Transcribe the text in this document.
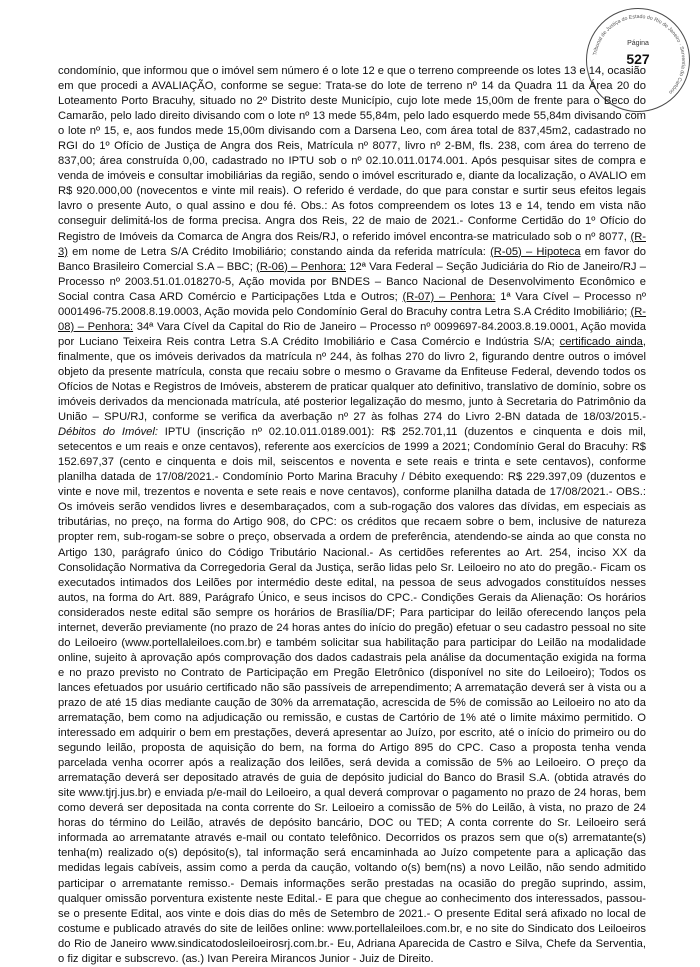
Tribunal de Justiça do Estado do Rio de Janeiro · Serventia do Cartório
Página
527
condomínio, que informou que o imóvel sem número é o lote 12 e que o terreno compreende os lotes 13 e 14, ocasião em que procedi a AVALIAÇÃO, conforme se segue: Trata-se do lote de terreno nº 14 da Quadra 11 da Área 20 do Loteamento Porto Bracuhy, situado no 2º Distrito deste Município, cujo lote mede 15,00m de frente para o Beco do Camarão, pelo lado direito divisando com o lote nº 13 mede 55,84m, pelo lado esquerdo mede 55,84m divisando com o lote nº 15, e, aos fundos mede 15,00m divisando com a Darsena Leo, com área total de 837,45m2, cadastrado no RGI do 1º Ofício de Justiça de Angra dos Reis, Matrícula nº 8077, livro nº 2-BM, fls. 238, com área do terreno de 837,00; área construída 0,00, cadastrado no IPTU sob o nº 02.10.011.0174.001. Após pesquisar sites de compra e venda de imóveis e consultar imobiliárias da região, sendo o imóvel escriturado e, diante da localização, o AVALIO em R$ 920.000,00 (novecentos e vinte mil reais). O referido é verdade, do que para constar e surtir seus efeitos legais lavro o presente Auto, o qual assino e dou fé. Obs.: As fotos compreendem os lotes 13 e 14, tendo em vista não conseguir delimitá-los de forma precisa. Angra dos Reis, 22 de maio de 2021.- Conforme Certidão do 1º Ofício do Registro de Imóveis da Comarca de Angra dos Reis/RJ, o referido imóvel encontra-se matriculado sob o nº 8077, (R-3) em nome de Letra S/A Crédito Imobiliário; constando ainda da referida matrícula: (R-05) – Hipoteca em favor do Banco Brasileiro Comercial S.A – BBC; (R-06) – Penhora: 12ª Vara Federal – Seção Judiciária do Rio de Janeiro/RJ – Processo nº 2003.51.01.018270-5, Ação movida por BNDES – Banco Nacional de Desenvolvimento Econômico e Social contra Casa ARD Comércio e Participações Ltda e Outros; (R-07) – Penhora: 1ª Vara Cível – Processo nº 0001496-75.2008.8.19.0003, Ação movida pelo Condomínio Geral do Bracuhy contra Letra S.A Crédito Imobiliário; (R-08) – Penhora: 34ª Vara Cível da Capital do Rio de Janeiro – Processo nº 0099697-84.2003.8.19.0001, Ação movida por Luciano Teixeira Reis contra Letra S.A Crédito Imobiliário e Casa Comércio e Indústria S/A; certificado ainda, finalmente, que os imóveis derivados da matrícula nº 244, às folhas 270 do livro 2, figurando dentre outros o imóvel objeto da presente matrícula, consta que recaiu sobre o mesmo o Gravame da Enfiteuse Federal, devendo todos os Ofícios de Notas e Registros de Imóveis, absterem de praticar qualquer ato definitivo, translativo de domínio, sobre os imóveis derivados da mencionada matrícula, até posterior legalização do mesmo, junto à Secretaria do Patrimônio da União – SPU/RJ, conforme se verifica da averbação nº 27 às folhas 274 do Livro 2-BN datada de 18/03/2015.- Débitos do Imóvel: IPTU (inscrição nº 02.10.011.0189.001): R$ 252.701,11 (duzentos e cinquenta e dois mil, setecentos e um reais e onze centavos), referente aos exercícios de 1999 a 2021; Condomínio Geral do Bracuhy: R$ 152.697,37 (cento e cinquenta e dois mil, seiscentos e noventa e sete reais e trinta e sete centavos), conforme planilha datada de 17/08/2021.- Condomínio Porto Marina Bracuhy / Débito exequendo: R$ 229.397,09 (duzentos e vinte e nove mil, trezentos e noventa e sete reais e nove centavos), conforme planilha datada de 17/08/2021.- OBS.: Os imóveis serão vendidos livres e desembaraçados, com a sub-rogação dos valores das dívidas, em especiais as tributárias, no preço, na forma do Artigo 908, do CPC: os créditos que recaem sobre o bem, inclusive de natureza propter rem, sub-rogam-se sobre o preço, observada a ordem de preferência, atendendo-se ainda ao que consta no Artigo 130, parágrafo único do Código Tributário Nacional.- As certidões referentes ao Art. 254, inciso XX da Consolidação Normativa da Corregedoria Geral da Justiça, serão lidas pelo Sr. Leiloeiro no ato do pregão.- Ficam os executados intimados dos Leilões por intermédio deste edital, na pessoa de seus advogados constituídos nesses autos, na forma do Art. 889, Parágrafo Único, e seus incisos do CPC.- Condições Gerais da Alienação: Os horários considerados neste edital são sempre os horários de Brasília/DF; Para participar do leilão oferecendo lanços pela internet, deverão previamente (no prazo de 24 horas antes do início do pregão) efetuar o seu cadastro pessoal no site do Leiloeiro (www.portellaleiloes.com.br) e também solicitar sua habilitação para participar do Leilão na modalidade online, sujeito à aprovação após comprovação dos dados cadastrais pela análise da documentação exigida na forma e no prazo previsto no Contrato de Participação em Pregão Eletrônico (disponível no site do Leiloeiro); Todos os lances efetuados por usuário certificado não são passíveis de arrependimento; A arrematação deverá ser à vista ou a prazo de até 15 dias mediante caução de 30% da arrematação, acrescida de 5% de comissão ao Leiloeiro no ato da arrematação, bem como na adjudicação ou remissão, e custas de Cartório de 1% até o limite máximo permitido. O interessado em adquirir o bem em prestações, deverá apresentar ao Juízo, por escrito, até o início do primeiro ou do segundo leilão, proposta de aquisição do bem, na forma do Artigo 895 do CPC. Caso a proposta tenha venda parcelada venha ocorrer após a realização dos leilões, será devida a comissão de 5% ao Leiloeiro. O preço da arrematação deverá ser depositado através de guia de depósito judicial do Banco do Brasil S.A. (obtida através do site www.tjrj.jus.br) e enviada p/e-mail do Leiloeiro, a qual deverá comprovar o pagamento no prazo de 24 horas, bem como deverá ser depositada na conta corrente do Sr. Leiloeiro a comissão de 5% do Leilão, à vista, no prazo de 24 horas do término do Leilão, através de depósito bancário, DOC ou TED; A conta corrente do Sr. Leiloeiro será informada ao arrematante através e-mail ou contato telefônico. Decorridos os prazos sem que o(s) arrematante(s) tenha(m) realizado o(s) depósito(s), tal informação será encaminhada ao Juízo competente para a aplicação das medidas legais cabíveis, assim como a perda da caução, voltando o(s) bem(ns) a novo Leilão, não sendo admitido participar o arrematante remisso.- Demais informações serão prestadas na ocasião do pregão suprindo, assim, qualquer omissão porventura existente neste Edital.- E para que chegue ao conhecimento dos interessados, passou-se o presente Edital, aos vinte e dois dias do mês de Setembro de 2021.- O presente Edital será afixado no local de costume e publicado através do site de leilões online: www.portellaleiloes.com.br, e no site do Sindicato dos Leiloeiros do Rio de Janeiro www.sindicatodosleiloeirosrj.com.br.- Eu, Adriana Aparecida de Castro e Silva, Chefe da Serventia, o fiz digitar e subscrevo. (as.) Ivan Pereira Mirancos Junior - Juiz de Direito.
